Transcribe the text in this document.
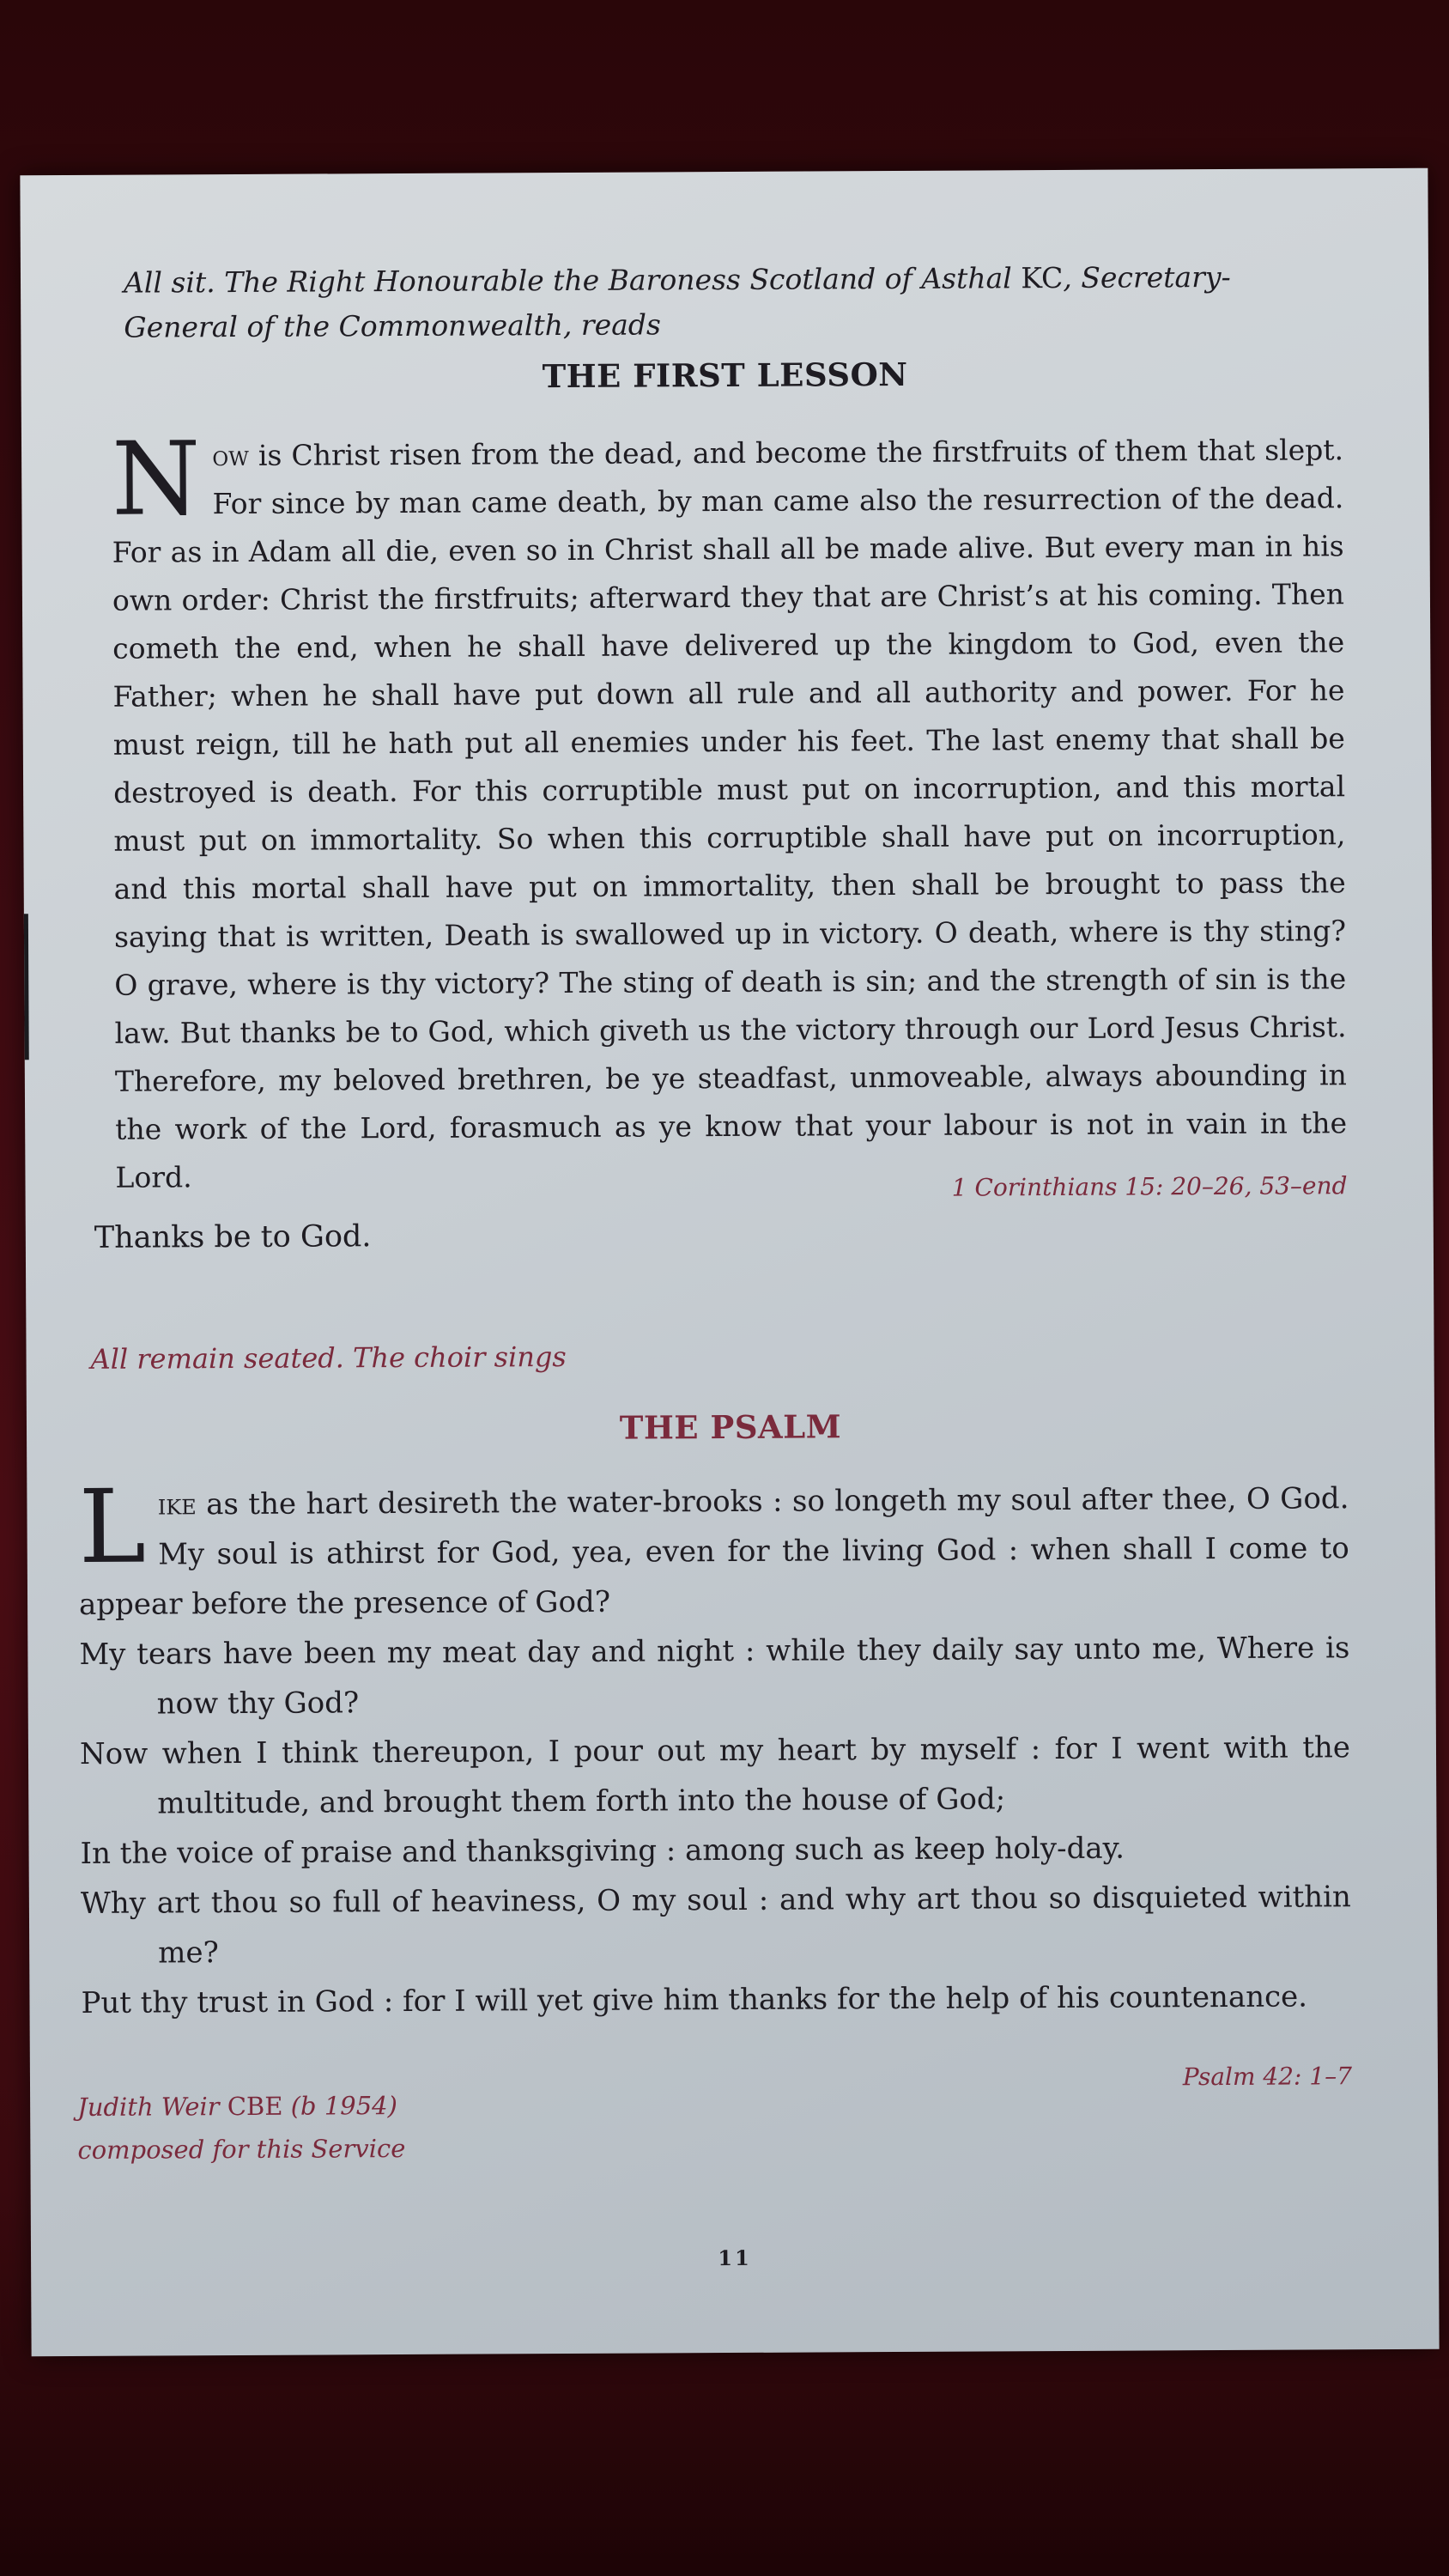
All sit. The Right Honourable the Baroness Scotland of Asthal KC, Secretary-General of the Commonwealth, reads
THE FIRST LESSON
Now is Christ risen from the dead, and become the firstfruits of them that slept. For since by man came death, by man came also the resurrection of the dead. For as in Adam all die, even so in Christ shall all be made alive. But every man in his own order: Christ the firstfruits; afterward they that are Christ’s at his coming. Then cometh the end, when he shall have delivered up the kingdom to God, even the Father; when he shall have put down all rule and all authority and power. For he must reign, till he hath put all enemies under his feet. The last enemy that shall be destroyed is death. For this corruptible must put on incorruption, and this mortal must put on immortality. So when this corruptible shall have put on incorruption, and this mortal shall have put on immortality, then shall be brought to pass the saying that is written, Death is swallowed up in victory. O death, where is thy sting? O grave, where is thy victory? The sting of death is sin; and the strength of sin is the law. But thanks be to God, which giveth us the victory through our Lord Jesus Christ. Therefore, my beloved brethren, be ye steadfast, unmoveable, always abounding in the work of the Lord, forasmuch as ye know that your labour is not in vain in the Lord.	1 Corinthians 15: 20–26, 53–end
Thanks be to God.
All remain seated. The choir sings
THE PSALM

Like as the hart desireth the water-brooks : so longeth my soul after thee, O God. My soul is athirst for God, yea, even for the living God : when shall I come to appear before the presence of God?

My tears have been my meat day and night : while they daily say unto me, Where is now thy God?

Now when I think thereupon, I pour out my heart by myself : for I went with the multitude, and brought them forth into the house of God;

In the voice of praise and thanksgiving : among such as keep holy-day.

Why art thou so full of heaviness, O my soul : and why art thou so disquieted within me?

Put thy trust in God : for I will yet give him thanks for the help of his countenance.

Psalm 42: 1–7
Judith Weir CBE (b 1954)
composed for this Service
11
